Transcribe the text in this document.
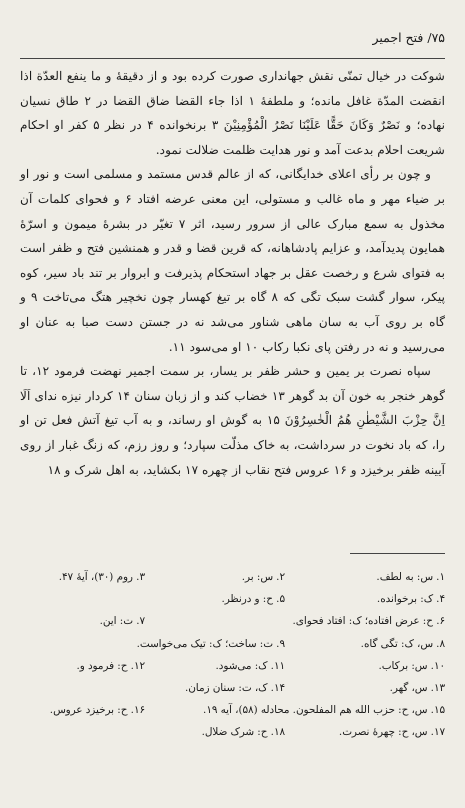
۷۵/ فتح اجمیر

شوکت در خیال تمنّی نقش جهانداری صورت کرده بود و از دقیقهٔ و ما ینفع العدّة اذا انقضت المدّة غافل مانده؛ و ملطفهٔ ۱ اذا جاء القضا ضاق القضا در ۲ طاق نسیان نهاده؛ و نَصْرٌ وَکَانَ حَقًّا عَلَیْنَا نَصْرُ الْمُؤْمِنِیْنَ ۳ برنخوانده ۴ در نظر ۵ کفر او احکام شریعت احلام بدعت آمد و نور هدایت ظلمت ضلالت نمود.

و چون بر رأی اعلای خدایگانی، که از عالم قدس مستمد و مسلمی است و نور او بر ضیاء مهر و ماه غالب و مستولی، این معنی عرضه افتاد ۶ و فحوای کلمات آن مخذول به سمع مبارک عالی از سرور رسید، اثر ۷ تغیّر در بشرهٔ میمون و اسرّهٔ همایون پدیدآمد، و عزایم پادشاهانه، که قرین قضا و قدر و همنشین فتح و ظفر است به فتوای شرع و رخصت عقل بر جهاد استحکام پذیرفت و ابروار بر تند باد سیر، کوه پیکر، سوار گشت سبک تگی که ۸ گاه بر تیغ کهسار چون نخچیر هتگ می‌تاخت ۹ و گاه بر روی آب به سان ماهی شناور می‌شد نه در جستن دست صبا به عنان او می‌رسید و نه در رفتن پای نکبا رکاب ۱۰ او می‌سود ۱۱.

سپاه نصرت بر یمین و حشر ظفر بر یسار، بر سمت اجمیر نهضت فرمود ۱۲، تا گوهر خنجر به خون آن بد گوهر ۱۳ خضاب کند و از زبان سنان ۱۴ کردار نیزه ندای اَلَا اِنَّ حِزْبَ الشَّیْطٰنِ هُمُ الْخٰسِرُوْنَ ۱۵ به گوش او رساند، و به آب تیغ آتش فعل تن او را، که باد نخوت در سرداشت، به خاک مذلّت سپارد؛ و روز رزم، که زنگ غبار از روی آیینه ظفر برخیزد و ۱۶ عروس فتح نقاب از چهره ۱۷ بکشاید، به اهل شرک و ۱۸

۱. س: به لطف.
۲. س: بر.
۳. روم (۳۰)، آیهٔ ۴۷.
۴. ک: برخوانده.
۵. ح: و درنظر.
۶. ح: عرض افتاده؛ ک: افتاد فحوای.
۷. ت: این.
۸. س، ک: تگی گاه.
۹. ت: ساخت؛ ک: تیک می‌خواست.
۱۰. س: برکاب.
۱۱. ک: می‌شود.
۱۲. ح: فرمود و.
۱۳. س، گهر.
۱۴. ک، ت: سنان زمان.
۱۵. س، ح: حزب الله هم المفلحون. محادله (۵۸)، آیه ۱۹.
۱۶. ح: برخیزد عروس.
۱۷. س، ح: چهرهٔ نصرت.
۱۸. ح: شرک ضلال.
